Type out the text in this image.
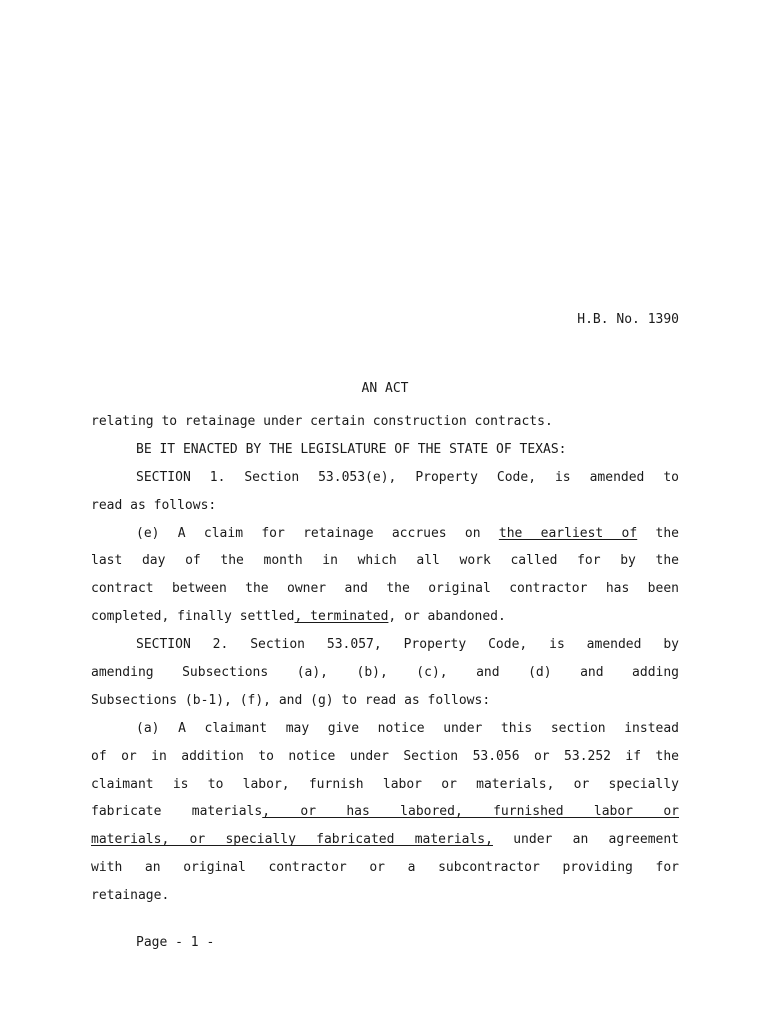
H.B. No. 1390
AN ACT
relating to retainage under certain construction contracts.
BE IT ENACTED BY THE LEGISLATURE OF THE STATE OF TEXAS:
SECTION 1. Section 53.053(e), Property Code, is amended to
read as follows:
(e) A claim for retainage accrues on the earliest of the
last day of the month in which all work called for by the
contract between the owner and the original contractor has been
completed, finally settled, terminated, or abandoned.
SECTION 2. Section 53.057, Property Code, is amended by
amending Subsections (a), (b), (c), and (d) and adding
Subsections (b-1), (f), and (g) to read as follows:
(a) A claimant may give notice under this section instead
of or in addition to notice under Section 53.056 or 53.252 if the
claimant is to labor, furnish labor or materials, or specially
fabricate materials, or has labored, furnished labor or
materials, or specially fabricated materials, under an agreement
with an original contractor or a subcontractor providing for
retainage.
Page - 1 -
